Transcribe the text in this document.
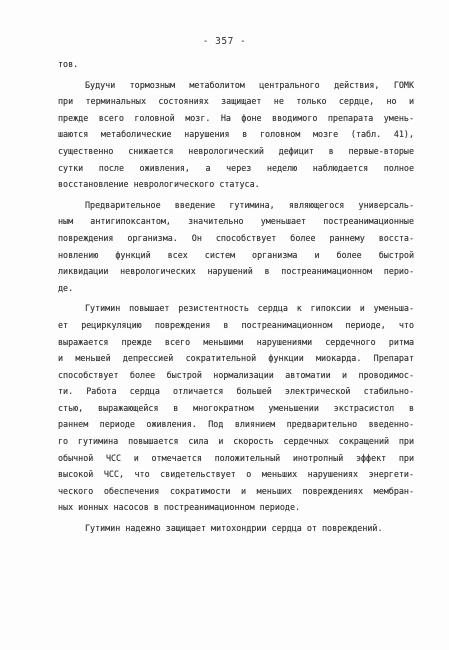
- 357 -
тов.
Будучи тормозным метаболитом центрального действия, ГОМК
при терминальных состояниях защищает не только сердце, но и
прежде всего головной мозг. На фоне вводимого препарата умень-
шаются метаболические нарушения в головном мозге (табл. 41),
существенно снижается неврологический дефицит в первые-вторые
сутки после оживления, а через неделю наблюдается полное
восстановление неврологического статуса.
Предварительное введение гутимина, являющегося универсаль-
ным антигипоксантом, значительно уменьшает постреанимационные
повреждения организма. Он способствует более раннему восста-
новлению функций всех систем организма и более быстрой
ликвидации неврологических нарушений в постреанимационном перио-
де.
Гутимин повышает резистентность сердца к гипоксии и уменьша-
ет рециркуляцию повреждения в постреанимационном периоде, что
выражается прежде всего меньшими нарушениями сердечного ритма
и меньшей депрессией сократительной функции миокарда. Препарат
способствует более быстрой нормализации автоматии и проводимос-
ти. Работа сердца отличается большей электрической стабильно-
стью, выражающейся в многократном уменьшении экстрасистол в
раннем периоде оживления. Под влиянием предварительно введенно-
го гутимина повышается сила и скорость сердечных сокращений при
обычной ЧСС и отмечается положительный инотропный эффект при
высокой ЧСС, что свидетельствует о меньших нарушениях энергети-
ческого обеспечения сократимости и меньших повреждениях мембран-
ных ионных насосов в постреанимационном периоде.
Гутимин надежно защищает митохондрии сердца от повреждений.
